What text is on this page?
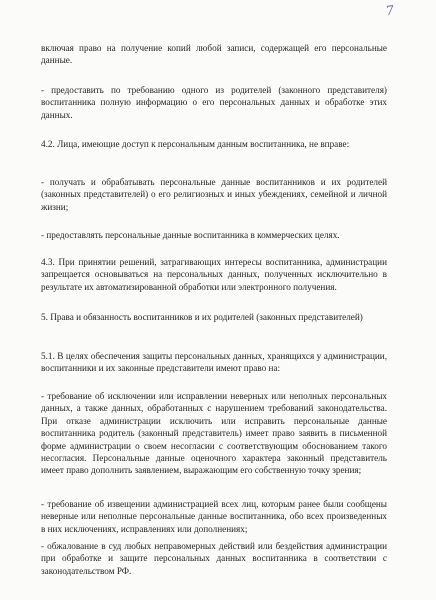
7

включая право на получение копий любой записи, содержащей его персональные данные.

- предоставить по требованию одного из родителей (законного представителя) воспитанника полную информацию о его персональных данных и обработке этих данных.

4.2. Лица, имеющие доступ к персональным данным воспитанника, не вправе:

- получать и обрабатывать персональные данные воспитанников и их родителей (законных представителей) о его религиозных и иных убеждениях, семейной и личной жизни;

- предоставлять персональные данные воспитанника в коммерческих целях.

4.3. При принятии решений, затрагивающих интересы воспитанника, администрации запрещается основываться на персональных данных, полученных исключительно в результате их автоматизированной обработки или электронного получения.

5. Права и обязанность воспитанников и их родителей (законных представителей)

5.1. В целях обеспечения защиты персональных данных, хранящихся у администрации, воспитанники и их законные представители имеют право на:

- требование об исключении или исправлении неверных или неполных персональных данных, а также данных, обработанных с нарушением требований законодательства. При отказе администрации исключить или исправить персональные данные воспитанника родитель (законный представитель) имеет право заявить в письменной форме администрации о своем несогласии с соответствующим обоснованием такого несогласия. Персональные данные оценочного характера законный представитель имеет право дополнить заявлением, выражающим его собственную точку зрения;

- требование об извещении администрацией всех лиц, которым ранее были сообщены неверные или неполные персональные данные воспитанника, обо всех произведенных в них исключениях, исправлениях или дополнениях;

- обжалование в суд любых неправомерных действий или бездействия администрации при обработке и защите персональных данных воспитанника в соответствии с законодательством РФ.
